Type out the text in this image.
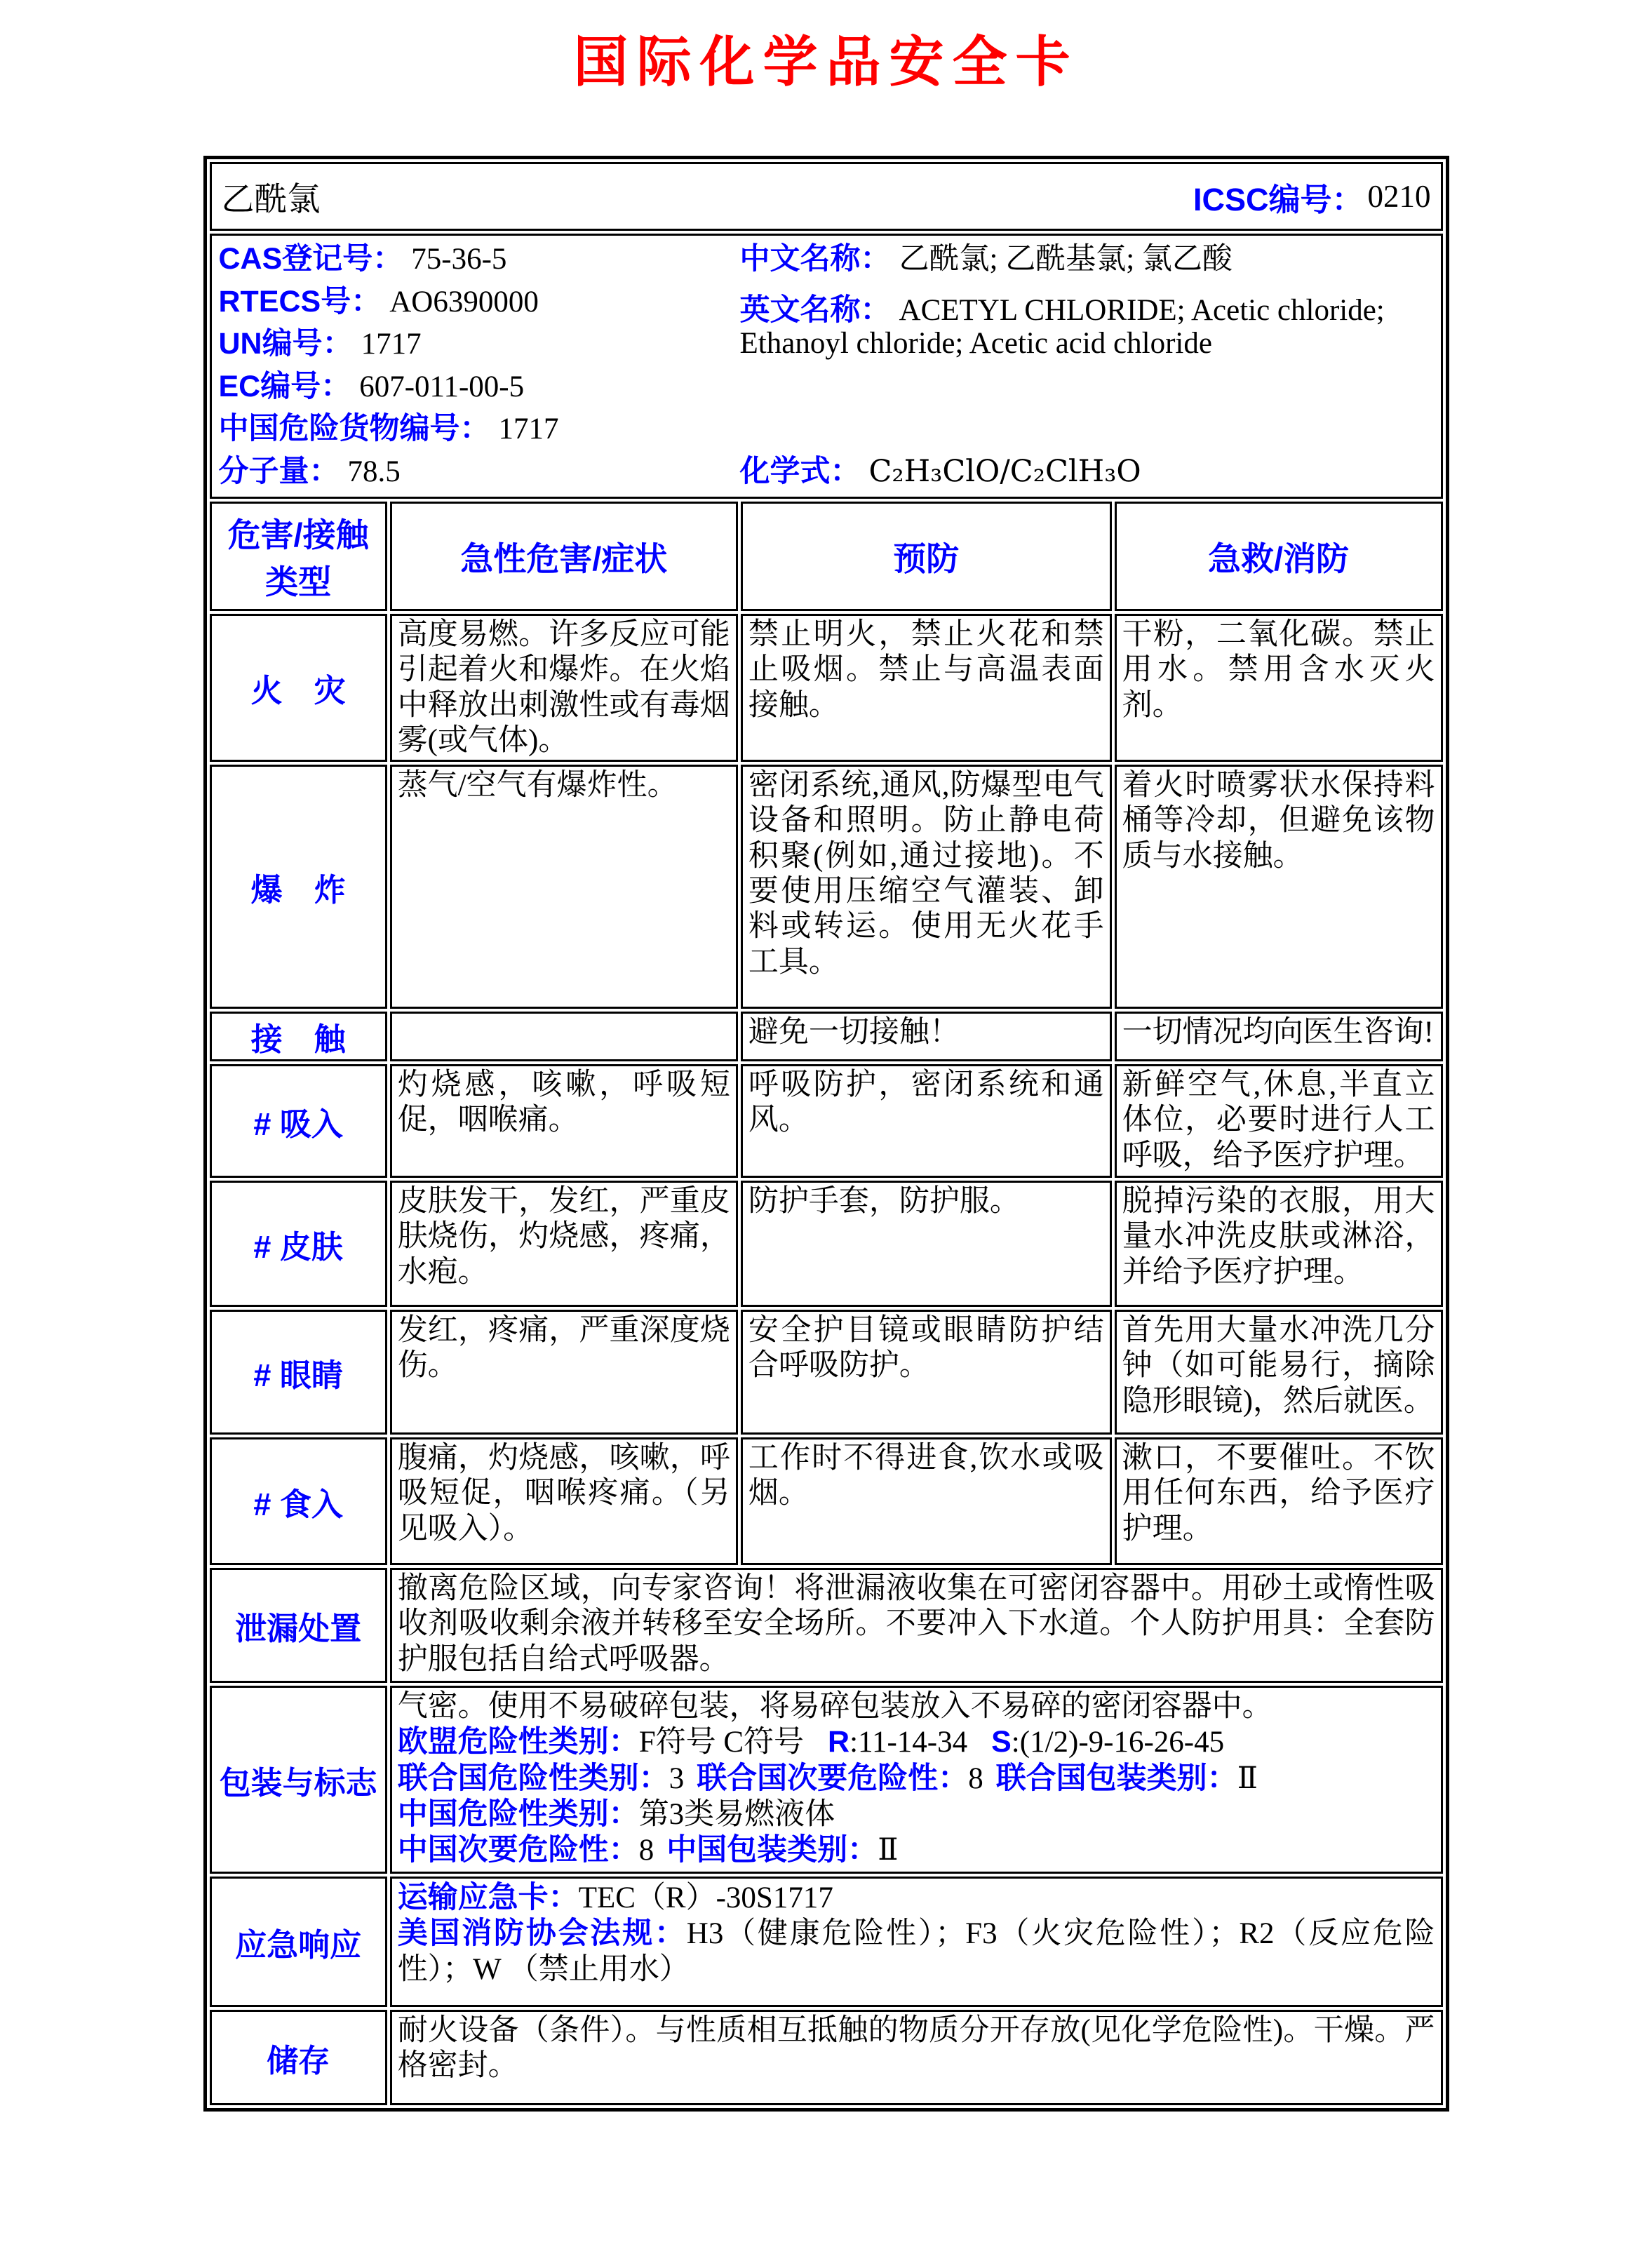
国际化学品安全卡
乙酰氯 ICSC编号： 0210			

CAS登记号： 75-36-5
RTECS号： AO6390000
UN编号： 1717
EC编号： 607-011-00-5
中国危险货物编号： 1717
分子量： 78.5
中文名称： 乙酰氯; 乙酰基氯; 氯乙酸
英文名称： ACETYL CHLORIDE; Acetic chloride; Ethanoyl chloride; Acetic acid chloride
化学式： C₂H₃ClO/C₂ClH₃O

危害/接触 类型	急性危害/症状	预防	急救/消防
火　灾	高度易燃。许多反应可能引起着火和爆炸。在火焰中释放出刺激性或有毒烟雾(或气体)。	禁止明火，禁止火花和禁止吸烟。禁止与高温表面接触。	干粉，二氧化碳。禁止用水。禁用含水灭火剂。
爆　炸	蒸气/空气有爆炸性。	密闭系统,通风,防爆型电气设备和照明。防止静电荷积聚(例如,通过接地)。不要使用压缩空气灌装、卸料或转运。使用无火花手工具。	着火时喷雾状水保持料桶等冷却，但避免该物质与水接触。
接　触		避免一切接触！	一切情况均向医生咨询!
# 吸入	灼烧感，咳嗽，呼吸短促，咽喉痛。	呼吸防护，密闭系统和通风。	新鲜空气,休息,半直立体位，必要时进行人工呼吸，给予医疗护理。
# 皮肤	皮肤发干，发红，严重皮肤烧伤，灼烧感，疼痛，水疱。	防护手套，防护服。	脱掉污染的衣服，用大量水冲洗皮肤或淋浴，并给予医疗护理。
# 眼睛	发红，疼痛，严重深度烧伤。	安全护目镜或眼睛防护结合呼吸防护。	首先用大量水冲洗几分钟（如可能易行，摘除隐形眼镜)，然后就医。
# 食入	腹痛，灼烧感，咳嗽，呼吸短促，咽喉疼痛。（另见吸入）。	工作时不得进食,饮水或吸烟。	漱口，不要催吐。不饮用任何东西，给予医疗护理。
泄漏处置	撤离危险区域，向专家咨询！将泄漏液收集在可密闭容器中。用砂土或惰性吸收剂吸收剩余液并转移至安全场所。不要冲入下水道。个人防护用具：全套防护服包括自给式呼吸器。		
包装与标志	气密。使用不易破碎包装，将易碎包装放入不易碎的密闭容器中。
欧盟危险性类别：F符号 C符号 R:11-14-34 S:(1/2)-9-16-26-45
联合国危险性类别：3 联合国次要危险性：8 联合国包装类别：Ⅱ
中国危险性类别：第3类易燃液体
中国次要危险性：8 中国包装类别：Ⅱ		

应急响应	运输应急卡：TEC（R）-30S1717
美国消防协会法规：H3（健康危险性）；F3（火灾危险性）；R2（反应危险性）；W （禁止用水）		

储存	耐火设备（条件）。与性质相互抵触的物质分开存放(见化学危险性)。干燥。严格密封。		
